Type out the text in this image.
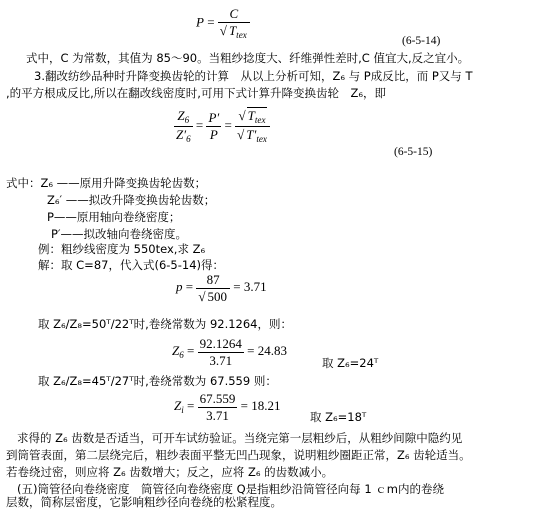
$P = \frac{C}{√ T_{tex}}$
(6-5-14)
式中，C 为常数，其值为 85～90。当粗纱捻度大、纤维弹性差时,C 值宜大,反之宜小。
3.翻改纺纱品种时升降变换齿轮的计算　从以上分析可知，Z₆ 与 P成反比，而 P又与 T
,的平方根成反比,所以在翻改线密度时,可用下式计算升降变换齿轮　Z₆，即
$\frac{Z_6}{Z'_6} = \frac{P'}{P} = \frac{√ T_{tex}}{√ T'_{tex}}$
(6-5-15)
式中：Z₆ ——原用升降变换齿轮齿数；
Z₆′ ——拟改升降变换齿轮齿数；
P——原用轴向卷绕密度；
P′——拟改轴向卷绕密度。
例：粗纱线密度为 550tex,求 Z₆
解：取 C=87，代入式(6-5-14)得：
$p = \frac{87}{√ 500} = 3.71$
取 Z₆/Z₈=50ᵀ/22ᵀ时,卷绕常数为 92.1264，则：
$Z_6 = \frac{92.1264}{3.71} = 24.83$
取 Z₆=24ᵀ
取 Z₆/Z₈=45ᵀ/27ᵀ时,卷绕常数为 67.559 则：
$Z_i = \frac{67.559}{3.71} = 18.21$
取 Z₆=18ᵀ
求得的 Z₆ 齿数是否适当，可开车试纺验证。当绕完第一层粗纱后，从粗纱间隙中隐约见
到筒管表面，第二层绕完后，粗纱表面平整无凹凸现象，说明粗纱圈距正常，Z₆ 齿轮适当。
若卷绕过密，则应将 Z₆ 齿数增大；反之，应将 Z₆ 的齿数减小。
(五)筒管径向卷绕密度　筒管径向卷绕密度 Q是指粗纱沿筒管径向每 1 ｃm内的卷绕
层数，简称层密度，它影响粗纱径向卷绕的松紧程度。
